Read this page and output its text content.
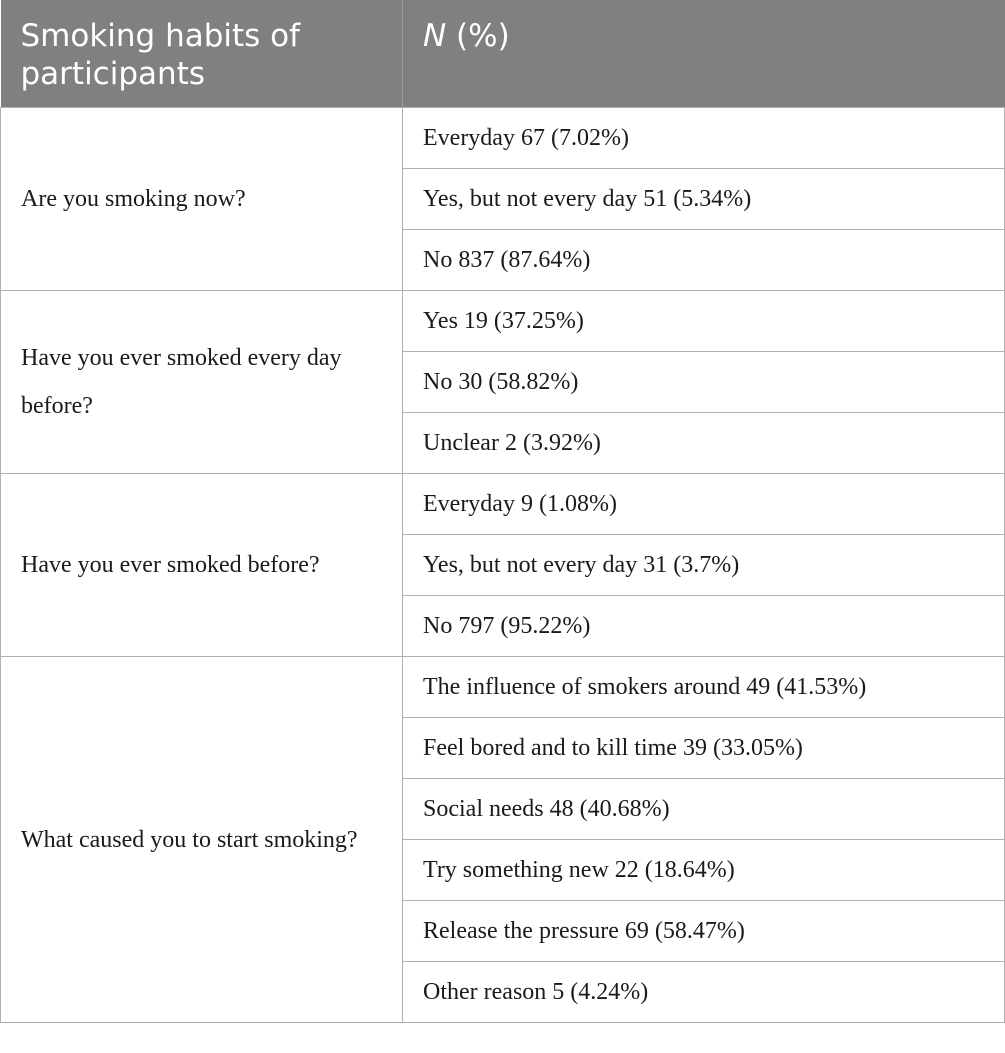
Smoking habits of participants	N (%)
Are you smoking now?	Everyday 67 (7.02%)
	Yes, but not every day 51 (5.34%)
	No 837 (87.64%)
Have you ever smoked every day before?	Yes 19 (37.25%)
	No 30 (58.82%)
	Unclear 2 (3.92%)
Have you ever smoked before?	Everyday 9 (1.08%)
	Yes, but not every day 31 (3.7%)
	No 797 (95.22%)
What caused you to start smoking?	The influence of smokers around 49 (41.53%)
	Feel bored and to kill time 39 (33.05%)
	Social needs 48 (40.68%)
	Try something new 22 (18.64%)
	Release the pressure 69 (58.47%)
	Other reason 5 (4.24%)
